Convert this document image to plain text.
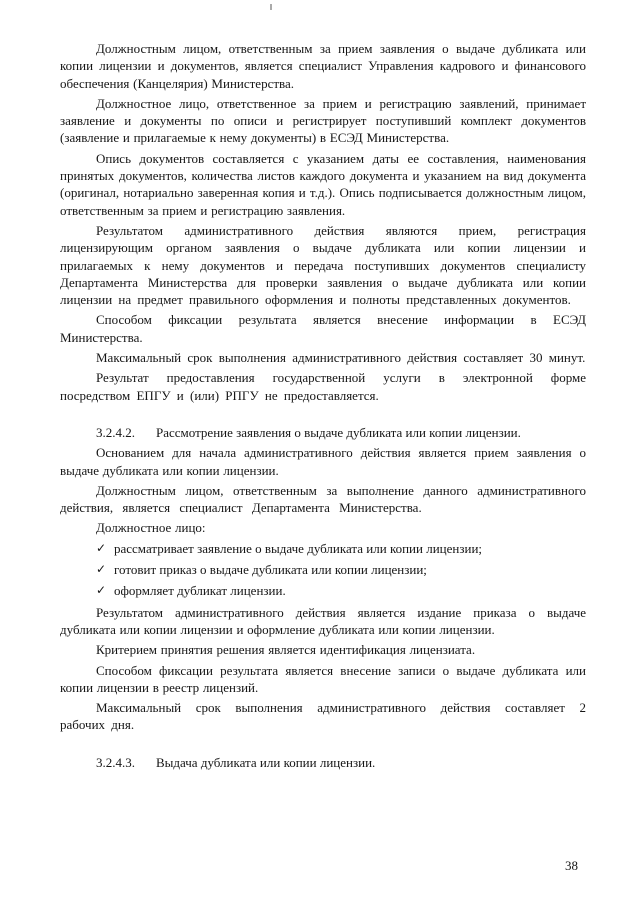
Должностным лицом, ответственным за прием заявления о выдаче дубликата или копии лицензии и документов, является специалист Управления кадрового и финансового обеспечения (Канцелярия) Министерства.

Должностное лицо, ответственное за прием и регистрацию заявлений, принимает заявление и документы по описи и регистрирует поступивший комплект документов (заявление и прилагаемые к нему документы) в ЕСЭД Министерства.

Опись документов составляется с указанием даты ее составления, наименования принятых документов, количества листов каждого документа и указанием на вид документа (оригинал, нотариально заверенная копия и т.д.). Опись подписывается должностным лицом, ответственным за прием и регистрацию заявления.

Результатом административного действия являются прием, регистрация лицензирующим органом заявления о выдаче дубликата или копии лицензии и прилагаемых к нему документов и передача поступивших документов специалисту Департамента Министерства для проверки заявления о выдаче дубликата или копии лицензии на предмет правильного оформления и полноты представленных документов.

Способом фиксации результата является внесение информации в ЕСЭД Министерства.

Максимальный срок выполнения административного действия составляет 30 минут.

Результат предоставления государственной услуги в электронной форме посредством ЕПГУ и (или) РПГУ не предоставляется.

3.2.4.2. Рассмотрение заявления о выдаче дубликата или копии лицензии.

Основанием для начала административного действия является прием заявления о выдаче дубликата или копии лицензии.

Должностным лицом, ответственным за выполнение данного административного действия, является специалист Департамента Министерства.

Должностное лицо:

✓ рассматривает заявление о выдаче дубликата или копии лицензии;
✓ готовит приказ о выдаче дубликата или копии лицензии;
✓ оформляет дубликат лицензии.

Результатом административного действия является издание приказа о выдаче дубликата или копии лицензии и оформление дубликата или копии лицензии.

Критерием принятия решения является идентификация лицензиата.

Способом фиксации результата является внесение записи о выдаче дубликата или копии лицензии в реестр лицензий.

Максимальный срок выполнения административного действия составляет 2 рабочих дня.

3.2.4.3. Выдача дубликата или копии лицензии.

38
